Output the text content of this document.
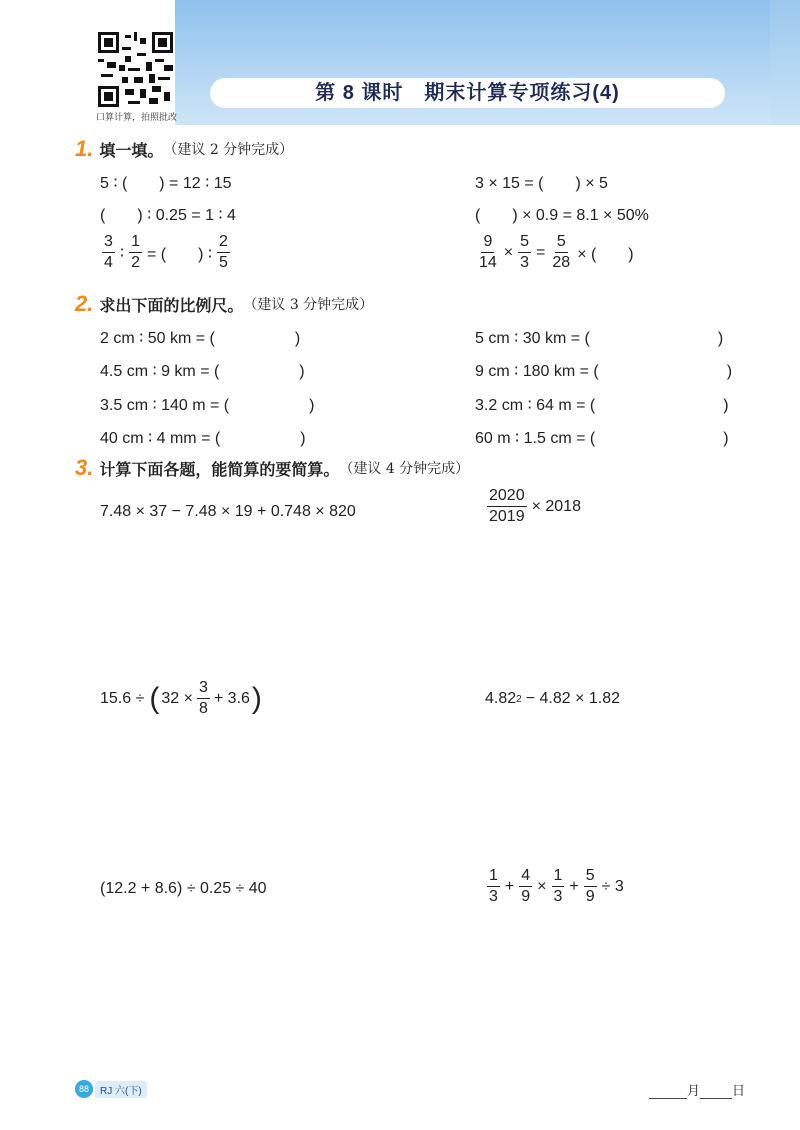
口算计算，拍照批改
第 8 课时　期末计算专项练习(4)
1. 填一填。 （建议 2 分钟完成）
5 ∶ (　　) = 12 ∶ 15	3 × 15 = (　　) × 5
(　　) ∶ 0.25 = 1 ∶ 4	(　　) × 0.9 = 8.1 × 50%
$\frac{3}{4}$ ∶ $\frac{1}{2}$ = (　　) ∶ $\frac{2}{5}$	$\frac{9}{14} \times \frac{5}{3} = \frac{5}{28}$ × (　　)
2. 求出下面的比例尺。 （建议 3 分钟完成）
2 cm ∶ 50 km = (　　　　　)	5 cm ∶ 30 km = (　　　　　　　　)
4.5 cm ∶ 9 km = (　　　　　)	9 cm ∶ 180 km = (　　　　　　　　)
3.5 cm ∶ 140 m = (　　　　　)	3.2 cm ∶ 64 m = (　　　　　　　　)
40 cm ∶ 4 mm = (　　　　　)	60 m ∶ 1.5 cm = (　　　　　　　　)
3. 计算下面各题，能简算的要简算。 （建议 4 分钟完成）
7.48 × 37 − 7.48 × 19 + 0.748 × 820	$\frac{2020}{2019} \times 2018$
15.6 ÷ ( $32 \times \frac{3}{8} + 3.6$ )	4.82 2 − 4.82 × 1.82
(12.2 + 8.6) ÷ 0.25 ÷ 40	$\frac{1}{3} + \frac{4}{9} \times \frac{1}{3} + \frac{5}{9} \div 3$
88	RJ 六(下)	月 日
